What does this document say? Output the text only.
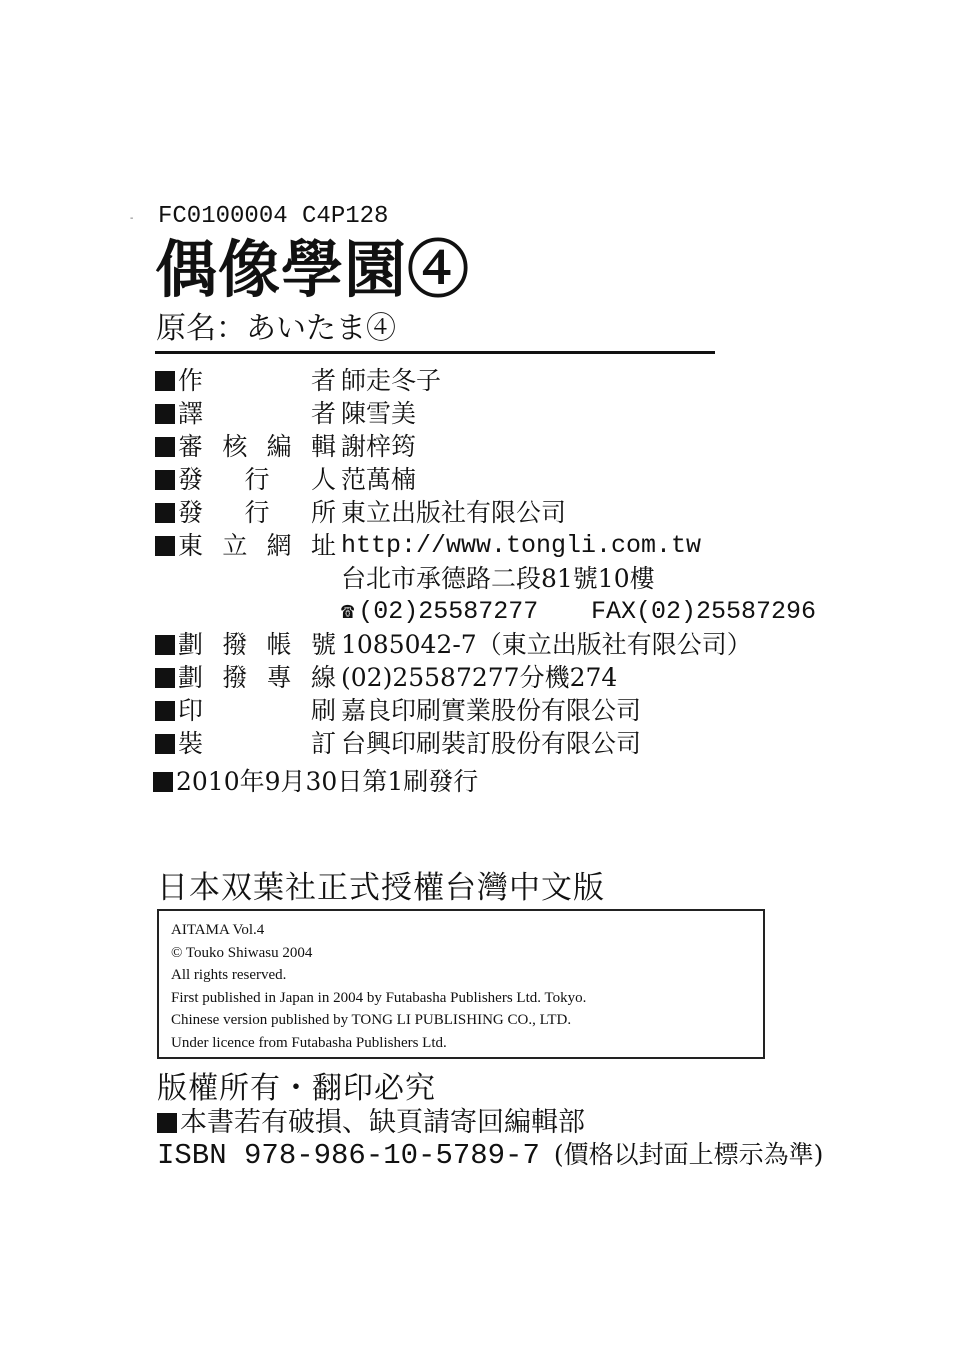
- FC0100004 C4P128
偶像學園④
原名：あいたま④
作　者 師走冬子
譯　者 陳雪美
審核編輯 謝梓筠
發行人 范萬楠
發行所 東立出版社有限公司
東立網址 http://www.tongli.com.tw
台北市承德路二段81號10樓
☎ (02)25587277 FAX(02)25587296
劃撥帳號 1085042-7（東立出版社有限公司）
劃撥專線 (02)25587277分機274
印　刷 嘉良印刷實業股份有限公司
裝　訂 台興印刷裝訂股份有限公司
2010年9月30日第1刷發行
日本双葉社正式授權台灣中文版
AITAMA Vol.4
© Touko Shiwasu 2004
All rights reserved.
First published in Japan in 2004 by Futabasha Publishers Ltd. Tokyo.
Chinese version published by TONG LI PUBLISHING CO., LTD.
Under licence from Futabasha Publishers Ltd.
版權所有・翻印必究
本書若有破損、缺頁請寄回編輯部
ISBN 978-986-10-5789-7 (價格以封面上標示為準)
